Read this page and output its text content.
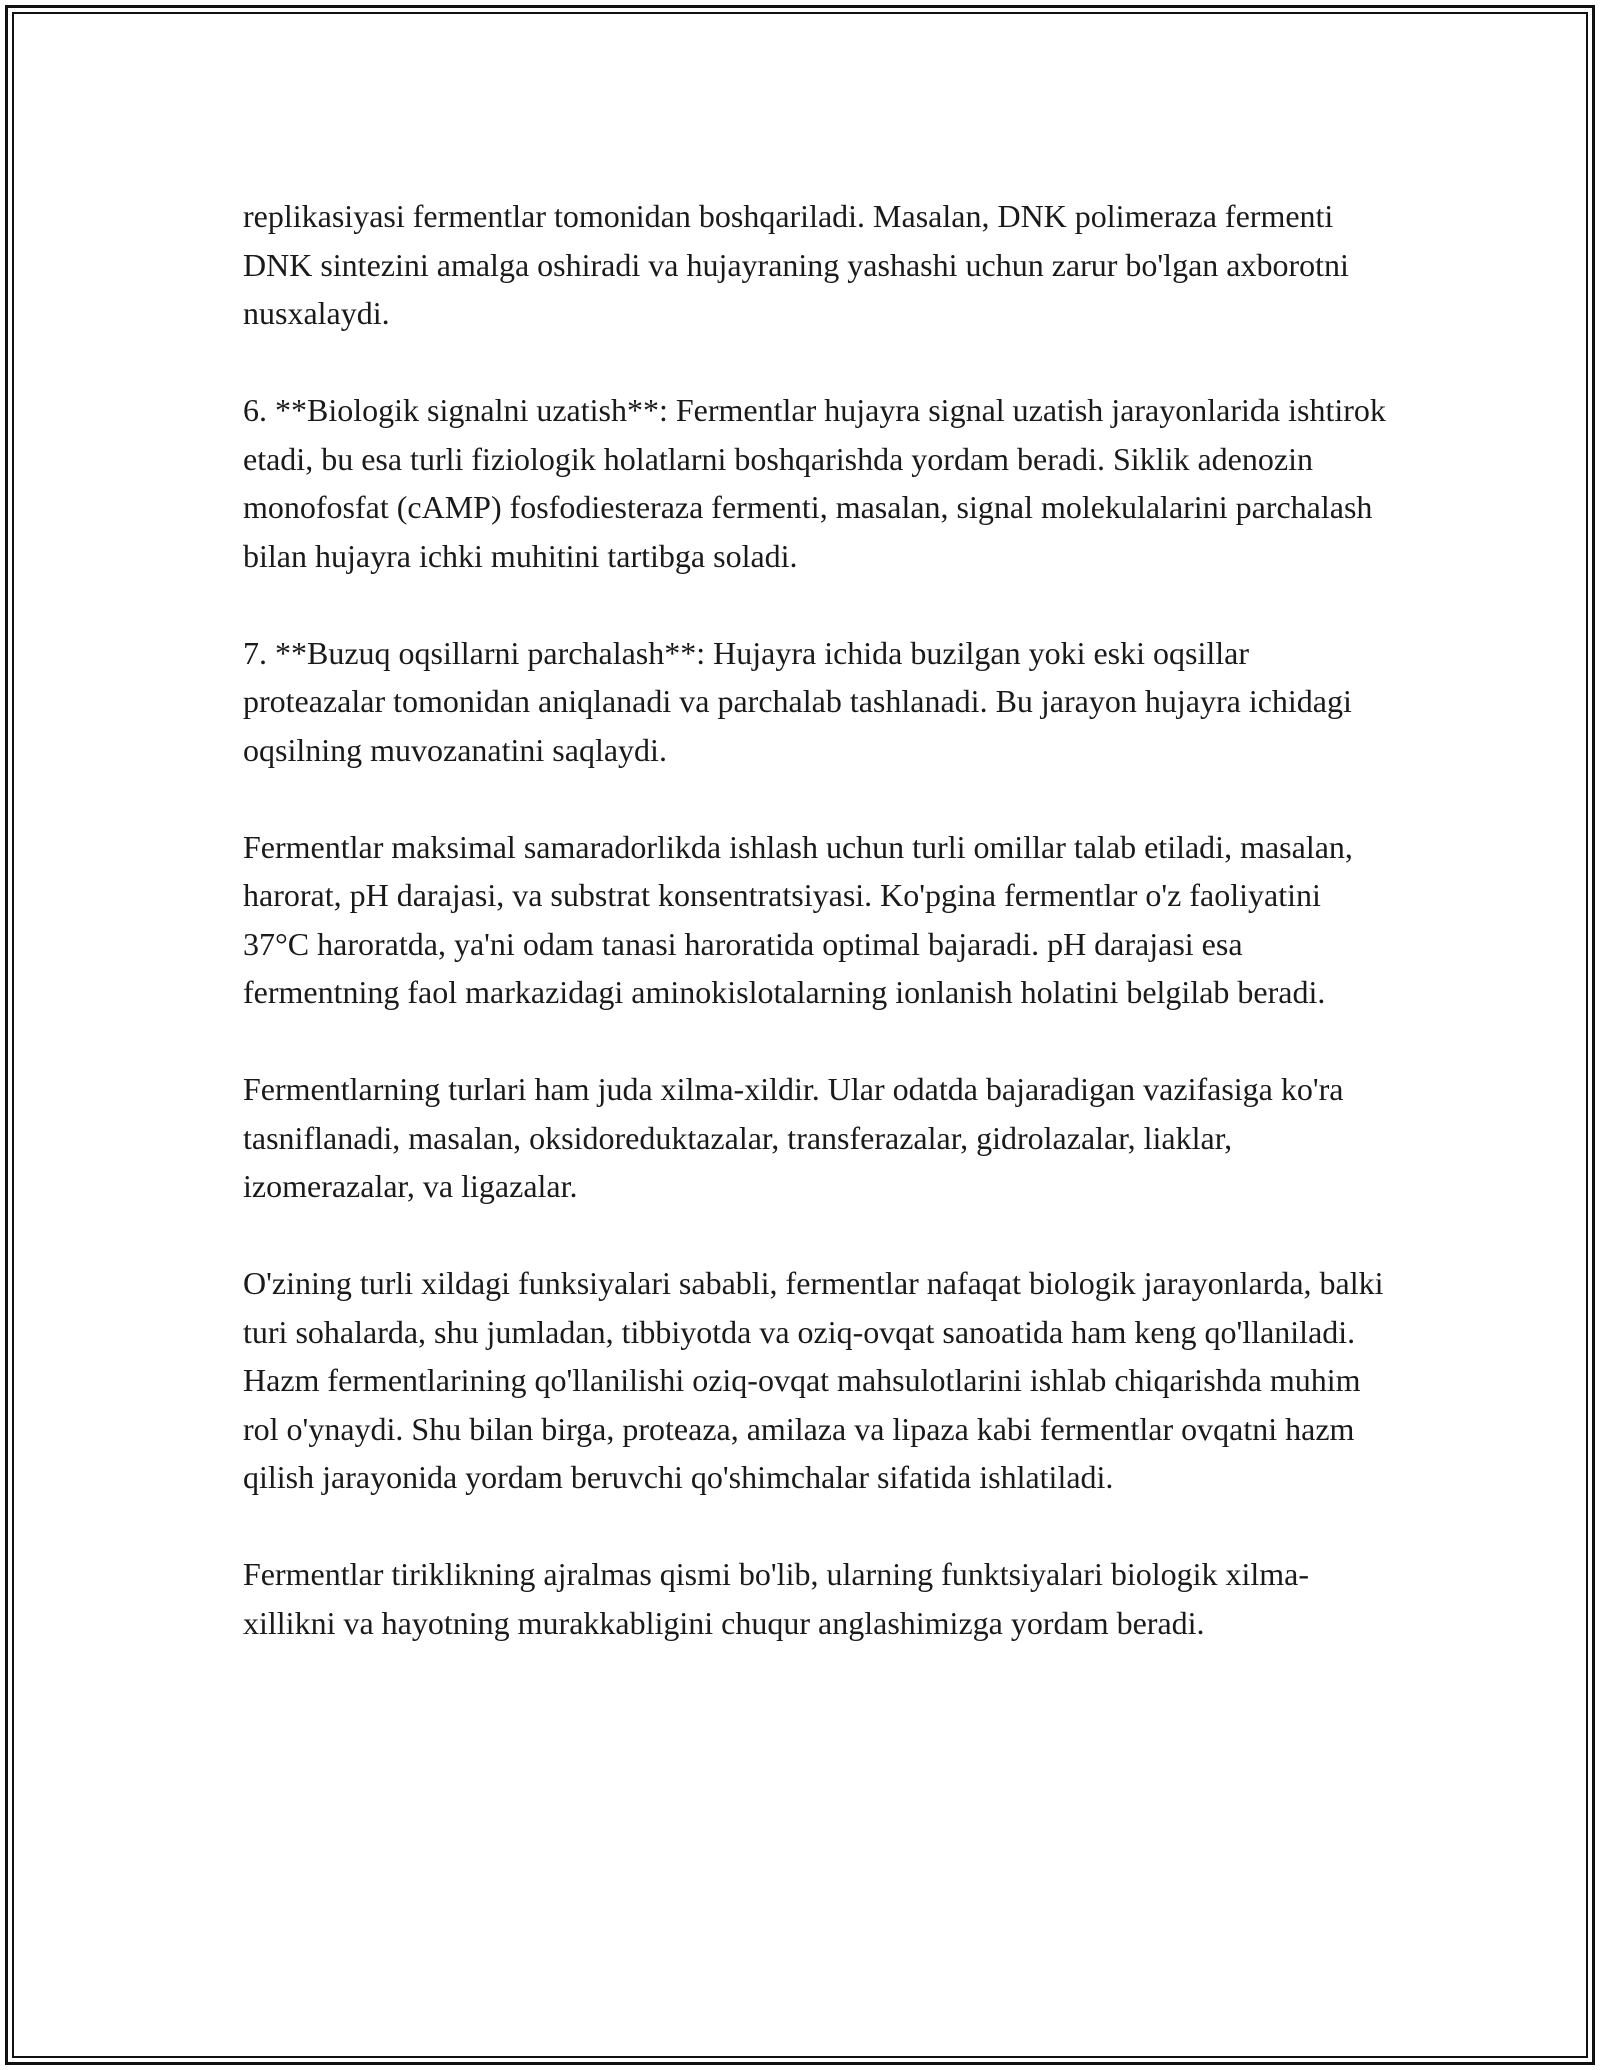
replikasiyasi fermentlar tomonidan boshqariladi. Masalan, DNK polimeraza fermenti DNK sintezini amalga oshiradi va hujayraning yashashi uchun zarur bo'lgan axborotni nusxalaydi.

6. **Biologik signalni uzatish**: Fermentlar hujayra signal uzatish jarayonlarida ishtirok etadi, bu esa turli fiziologik holatlarni boshqarishda yordam beradi. Siklik adenozin monofosfat (cAMP) fosfodiesteraza fermenti, masalan, signal molekulalarini parchalash bilan hujayra ichki muhitini tartibga soladi.

7. **Buzuq oqsillarni parchalash**: Hujayra ichida buzilgan yoki eski oqsillar proteazalar tomonidan aniqlanadi va parchalab tashlanadi. Bu jarayon hujayra ichidagi oqsilning muvozanatini saqlaydi.

Fermentlar maksimal samaradorlikda ishlash uchun turli omillar talab etiladi, masalan, harorat, pH darajasi, va substrat konsentratsiyasi. Ko'pgina fermentlar o'z faoliyatini 37°C haroratda, ya'ni odam tanasi haroratida optimal bajaradi. pH darajasi esa fermentning faol markazidagi aminokislotalarning ionlanish holatini belgilab beradi.

Fermentlarning turlari ham juda xilma-xildir. Ular odatda bajaradigan vazifasiga ko'ra tasniflanadi, masalan, oksidoreduktazalar, transferazalar, gidrolazalar, liaklar, izomerazalar, va ligazalar.

O'zining turli xildagi funksiyalari sababli, fermentlar nafaqat biologik jarayonlarda, balki turi sohalarda, shu jumladan, tibbiyotda va oziq-ovqat sanoatida ham keng qo'llaniladi. Hazm fermentlarining qo'llanilishi oziq-ovqat mahsulotlarini ishlab chiqarishda muhim rol o'ynaydi. Shu bilan birga, proteaza, amilaza va lipaza kabi fermentlar ovqatni hazm qilish jarayonida yordam beruvchi qo'shimchalar sifatida ishlatiladi.

Fermentlar tiriklikning ajralmas qismi bo'lib, ularning funktsiyalari biologik xilma-xillikni va hayotning murakkabligini chuqur anglashimizga yordam beradi.
